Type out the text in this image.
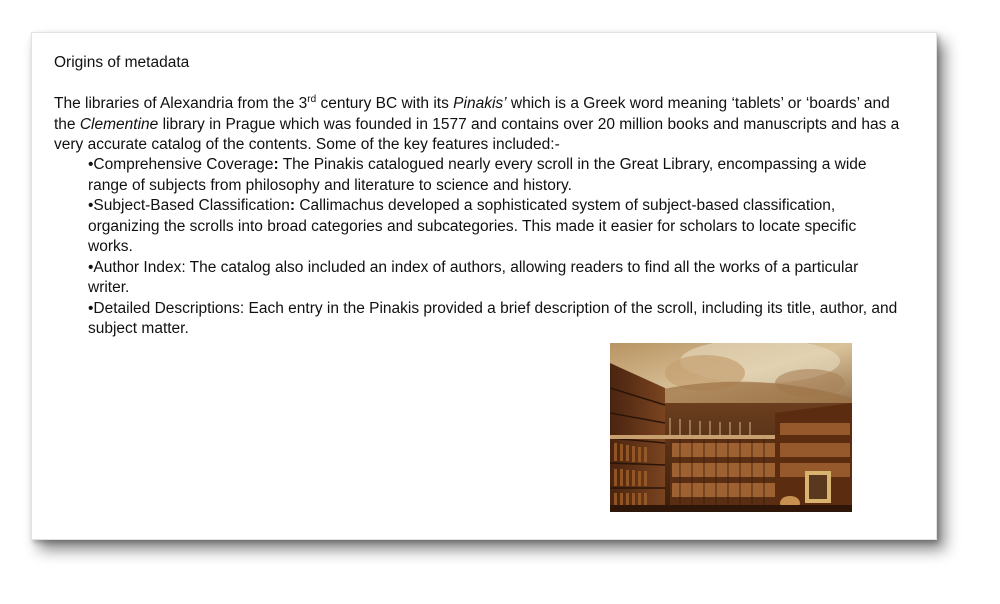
Origins of metadata
The libraries of Alexandria from the 3rd century BC with its Pinakis’ which is a Greek word meaning ‘tablets’ or ‘boards’ and the Clementine library in Prague which was founded in 1577 and contains over 20 million books and manuscripts and has a very accurate catalog of the contents. Some of the key features included:-
•Comprehensive Coverage: The Pinakis catalogued nearly every scroll in the Great Library, encompassing a wide range of subjects from philosophy and literature to science and history.
•Subject-Based Classification: Callimachus developed a sophisticated system of subject-based classification, organizing the scrolls into broad categories and subcategories. This made it easier for scholars to locate specific works.
•Author Index: The catalog also included an index of authors, allowing readers to find all the works of a particular writer.
•Detailed Descriptions: Each entry in the Pinakis provided a brief description of the scroll, including its title, author, and subject matter.
